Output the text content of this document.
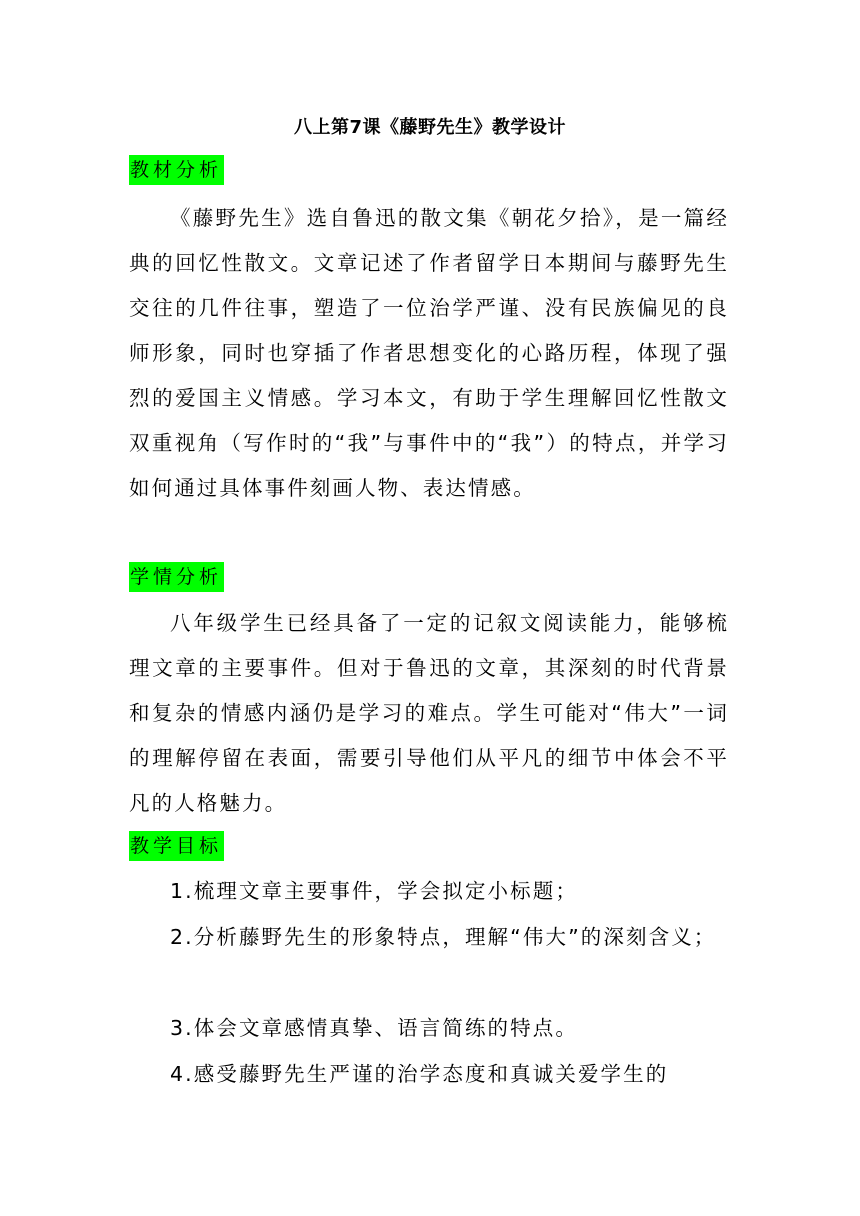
八上第7课《藤野先生》教学设计
教材分析

《藤野先生》选自鲁迅的散文集《朝花夕拾》，是一篇经典的回忆性散文。文章记述了作者留学日本期间与藤野先生交往的几件往事，塑造了一位治学严谨、没有民族偏见的良师形象，同时也穿插了作者思想变化的心路历程，体现了强烈的爱国主义情感。学习本文，有助于学生理解回忆性散文双重视角（写作时的“我”与事件中的“我”）的特点，并学习如何通过具体事件刻画人物、表达情感。

学情分析

八年级学生已经具备了一定的记叙文阅读能力，能够梳理文章的主要事件。但对于鲁迅的文章，其深刻的时代背景和复杂的情感内涵仍是学习的难点。学生可能对“伟大”一词的理解停留在表面，需要引导他们从平凡的细节中体会不平凡的人格魅力。

教学目标

1.梳理文章主要事件，学会拟定小标题；

2.分析藤野先生的形象特点，理解“伟大”的深刻含义；

3.体会文章感情真挚、语言简练的特点。

4.感受藤野先生严谨的治学态度和真诚关爱学生的
